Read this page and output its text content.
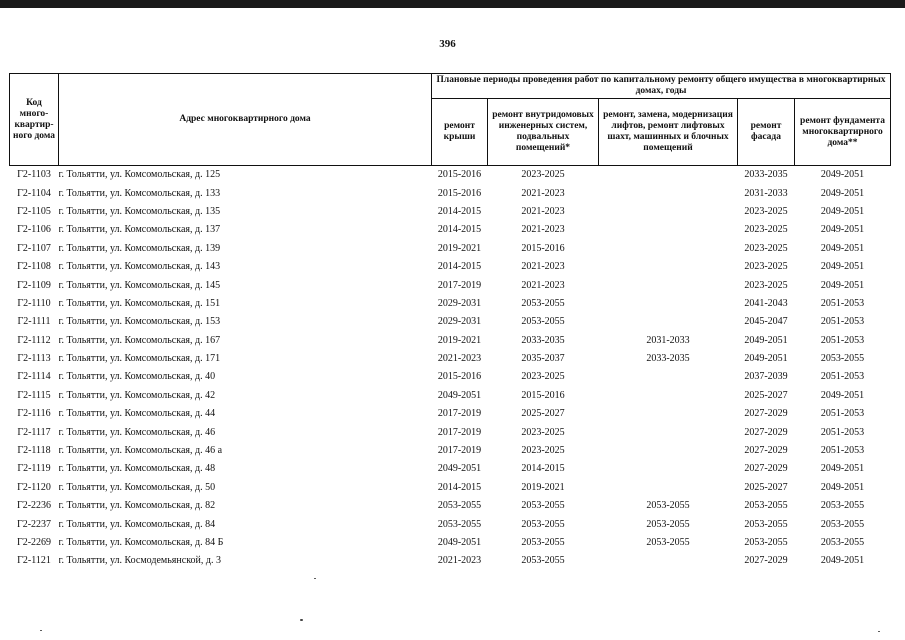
396
Код много-квартир-ного дома	Адрес многоквартирного дома	Плановые периоды проведения работ по капитальному ремонту общего имущества в многоквартирных домах, годы				
		ремонт крыши	ремонт внутридомовых инженерных систем, подвальных помещений*	ремонт, замена, модернизация лифтов, ремонт лифтовых шахт, машинных и блочных помещений	ремонт фасада	ремонт фундамента многоквартирного дома**
Г2-1103	г. Тольятти, ул. Комсомольская, д. 125	2015-2016	2023-2025		2033-2035	2049-2051
Г2-1104	г. Тольятти, ул. Комсомольская, д. 133	2015-2016	2021-2023		2031-2033	2049-2051
Г2-1105	г. Тольятти, ул. Комсомольская, д. 135	2014-2015	2021-2023		2023-2025	2049-2051
Г2-1106	г. Тольятти, ул. Комсомольская, д. 137	2014-2015	2021-2023		2023-2025	2049-2051
Г2-1107	г. Тольятти, ул. Комсомольская, д. 139	2019-2021	2015-2016		2023-2025	2049-2051
Г2-1108	г. Тольятти, ул. Комсомольская, д. 143	2014-2015	2021-2023		2023-2025	2049-2051
Г2-1109	г. Тольятти, ул. Комсомольская, д. 145	2017-2019	2021-2023		2023-2025	2049-2051
Г2-1110	г. Тольятти, ул. Комсомольская, д. 151	2029-2031	2053-2055		2041-2043	2051-2053
Г2-1111	г. Тольятти, ул. Комсомольская, д. 153	2029-2031	2053-2055		2045-2047	2051-2053
Г2-1112	г. Тольятти, ул. Комсомольская, д. 167	2019-2021	2033-2035	2031-2033	2049-2051	2051-2053
Г2-1113	г. Тольятти, ул. Комсомольская, д. 171	2021-2023	2035-2037	2033-2035	2049-2051	2053-2055
Г2-1114	г. Тольятти, ул. Комсомольская, д. 40	2015-2016	2023-2025		2037-2039	2051-2053
Г2-1115	г. Тольятти, ул. Комсомольская, д. 42	2049-2051	2015-2016		2025-2027	2049-2051
Г2-1116	г. Тольятти, ул. Комсомольская, д. 44	2017-2019	2025-2027		2027-2029	2051-2053
Г2-1117	г. Тольятти, ул. Комсомольская, д. 46	2017-2019	2023-2025		2027-2029	2051-2053
Г2-1118	г. Тольятти, ул. Комсомольская, д. 46 а	2017-2019	2023-2025		2027-2029	2051-2053
Г2-1119	г. Тольятти, ул. Комсомольская, д. 48	2049-2051	2014-2015		2027-2029	2049-2051
Г2-1120	г. Тольятти, ул. Комсомольская, д. 50	2014-2015	2019-2021		2025-2027	2049-2051
Г2-2236	г. Тольятти, ул. Комсомольская, д. 82	2053-2055	2053-2055	2053-2055	2053-2055	2053-2055
Г2-2237	г. Тольятти, ул. Комсомольская, д. 84	2053-2055	2053-2055	2053-2055	2053-2055	2053-2055
Г2-2269	г. Тольятти, ул. Комсомольская, д. 84 Б	2049-2051	2053-2055	2053-2055	2053-2055	2053-2055
Г2-1121	г. Тольятти, ул. Космодемьянской, д. 3	2021-2023	2053-2055		2027-2029	2049-2051
